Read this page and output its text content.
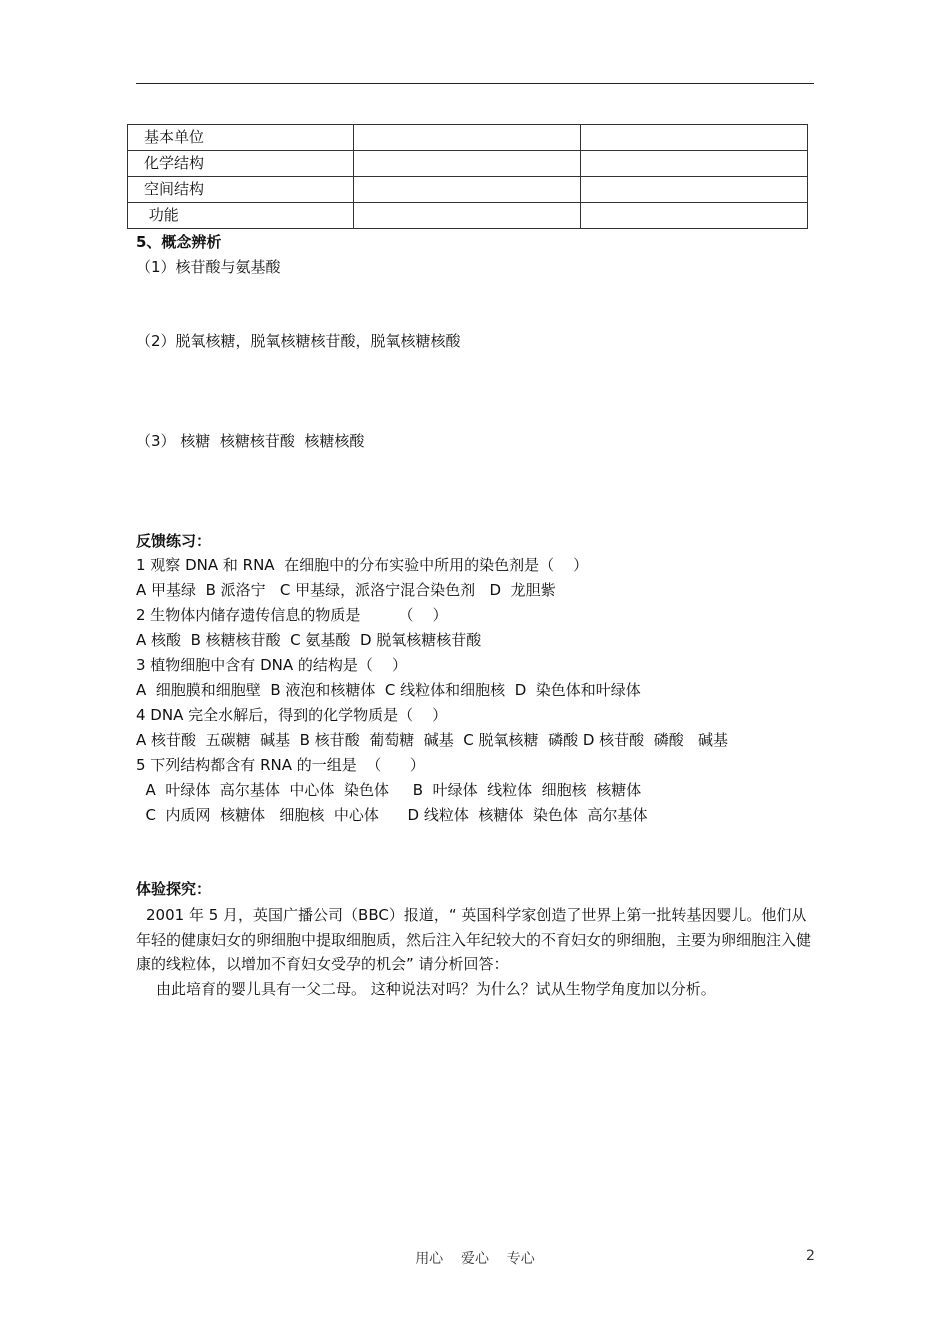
基本单位		
化学结构		
空间结构		
功能		
5、概念辨析
（1）核苷酸与氨基酸
（2）脱氧核糖，脱氧核糖核苷酸，脱氧核糖核酸
（3） 核糖  核糖核苷酸  核糖核酸
反馈练习：
1 观察 DNA 和 RNA  在细胞中的分布实验中所用的染色剂是（    ）
A 甲基绿  B 派洛宁   C 甲基绿，派洛宁混合染色剂   D  龙胆紫
2 生物体内储存遗传信息的物质是        （    ）
A 核酸  B 核糖核苷酸  C 氨基酸  D 脱氧核糖核苷酸
3 植物细胞中含有 DNA 的结构是（    ）
A  细胞膜和细胞壁  B 液泡和核糖体  C 线粒体和细胞核  D  染色体和叶绿体
4 DNA 完全水解后，得到的化学物质是（    ）
A 核苷酸  五碳糖  碱基  B 核苷酸  葡萄糖  碱基  C 脱氧核糖  磷酸 D 核苷酸  磷酸   碱基
5 下列结构都含有 RNA 的一组是  （      ）
A  叶绿体  高尔基体  中心体  染色体     B  叶绿体  线粒体  细胞核  核糖体
C  内质网  核糖体   细胞核  中心体      D 线粒体  核糖体  染色体  高尔基体
体验探究：
2001 年 5 月，英国广播公司（BBC）报道，“ 英国科学家创造了世界上第一批转基因婴儿。他们从年轻的健康妇女的卵细胞中提取细胞质，然后注入年纪较大的不育妇女的卵细胞，主要为卵细胞注入健康的线粒体，以增加不育妇女受孕的机会” 请分析回答：
由此培育的婴儿具有一父二母。 这种说法对吗？为什么？试从生物学角度加以分析。
用心    爱心    专心	2
